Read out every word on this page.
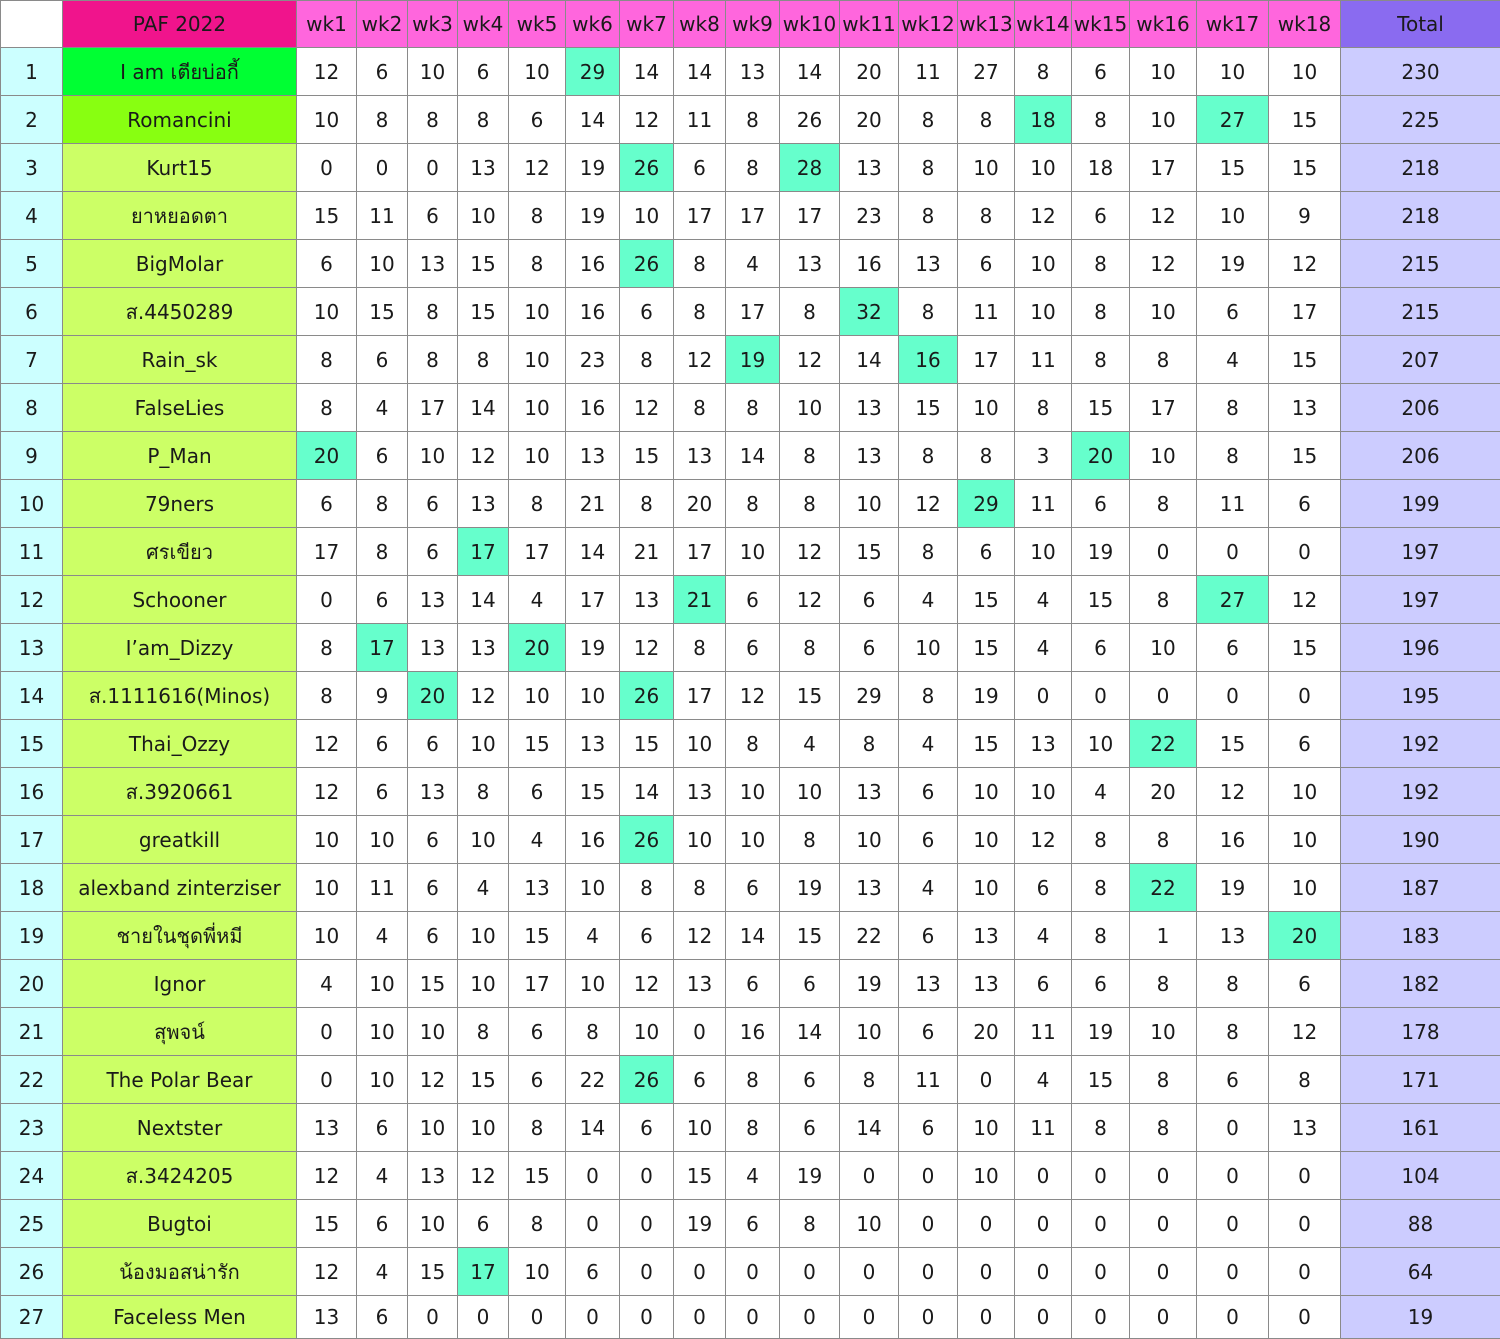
	PAF 2022	wk1	wk2	wk3	wk4	wk5	wk6	wk7	wk8	wk9	wk10	wk11	wk12	wk13	wk14	wk15	wk16	wk17	wk18	Total
1	I am เตียบ่อกี้	12	6	10	6	10	29	14	14	13	14	20	11	27	8	6	10	10	10	230
2	Romancini	10	8	8	8	6	14	12	11	8	26	20	8	8	18	8	10	27	15	225
3	Kurt15	0	0	0	13	12	19	26	6	8	28	13	8	10	10	18	17	15	15	218
4	ยาหยอดตา	15	11	6	10	8	19	10	17	17	17	23	8	8	12	6	12	10	9	218
5	BigMolar	6	10	13	15	8	16	26	8	4	13	16	13	6	10	8	12	19	12	215
6	ส.4450289	10	15	8	15	10	16	6	8	17	8	32	8	11	10	8	10	6	17	215
7	Rain_sk	8	6	8	8	10	23	8	12	19	12	14	16	17	11	8	8	4	15	207
8	FalseLies	8	4	17	14	10	16	12	8	8	10	13	15	10	8	15	17	8	13	206
9	P_Man	20	6	10	12	10	13	15	13	14	8	13	8	8	3	20	10	8	15	206
10	79ners	6	8	6	13	8	21	8	20	8	8	10	12	29	11	6	8	11	6	199
11	ศรเขียว	17	8	6	17	17	14	21	17	10	12	15	8	6	10	19	0	0	0	197
12	Schooner	0	6	13	14	4	17	13	21	6	12	6	4	15	4	15	8	27	12	197
13	I’am_Dizzy	8	17	13	13	20	19	12	8	6	8	6	10	15	4	6	10	6	15	196
14	ส.1111616(Minos)	8	9	20	12	10	10	26	17	12	15	29	8	19	0	0	0	0	0	195
15	Thai_Ozzy	12	6	6	10	15	13	15	10	8	4	8	4	15	13	10	22	15	6	192
16	ส.3920661	12	6	13	8	6	15	14	13	10	10	13	6	10	10	4	20	12	10	192
17	greatkill	10	10	6	10	4	16	26	10	10	8	10	6	10	12	8	8	16	10	190
18	alexband zinterziser	10	11	6	4	13	10	8	8	6	19	13	4	10	6	8	22	19	10	187
19	ชายในชุดพี่หมี	10	4	6	10	15	4	6	12	14	15	22	6	13	4	8	1	13	20	183
20	Ignor	4	10	15	10	17	10	12	13	6	6	19	13	13	6	6	8	8	6	182
21	สุพจน์	0	10	10	8	6	8	10	0	16	14	10	6	20	11	19	10	8	12	178
22	The Polar Bear	0	10	12	15	6	22	26	6	8	6	8	11	0	4	15	8	6	8	171
23	Nextster	13	6	10	10	8	14	6	10	8	6	14	6	10	11	8	8	0	13	161
24	ส.3424205	12	4	13	12	15	0	0	15	4	19	0	0	10	0	0	0	0	0	104
25	Bugtoi	15	6	10	6	8	0	0	19	6	8	10	0	0	0	0	0	0	0	88
26	น้องมอสน่ารัก	12	4	15	17	10	6	0	0	0	0	0	0	0	0	0	0	0	0	64
27	Faceless Men	13	6	0	0	0	0	0	0	0	0	0	0	0	0	0	0	0	0	19
